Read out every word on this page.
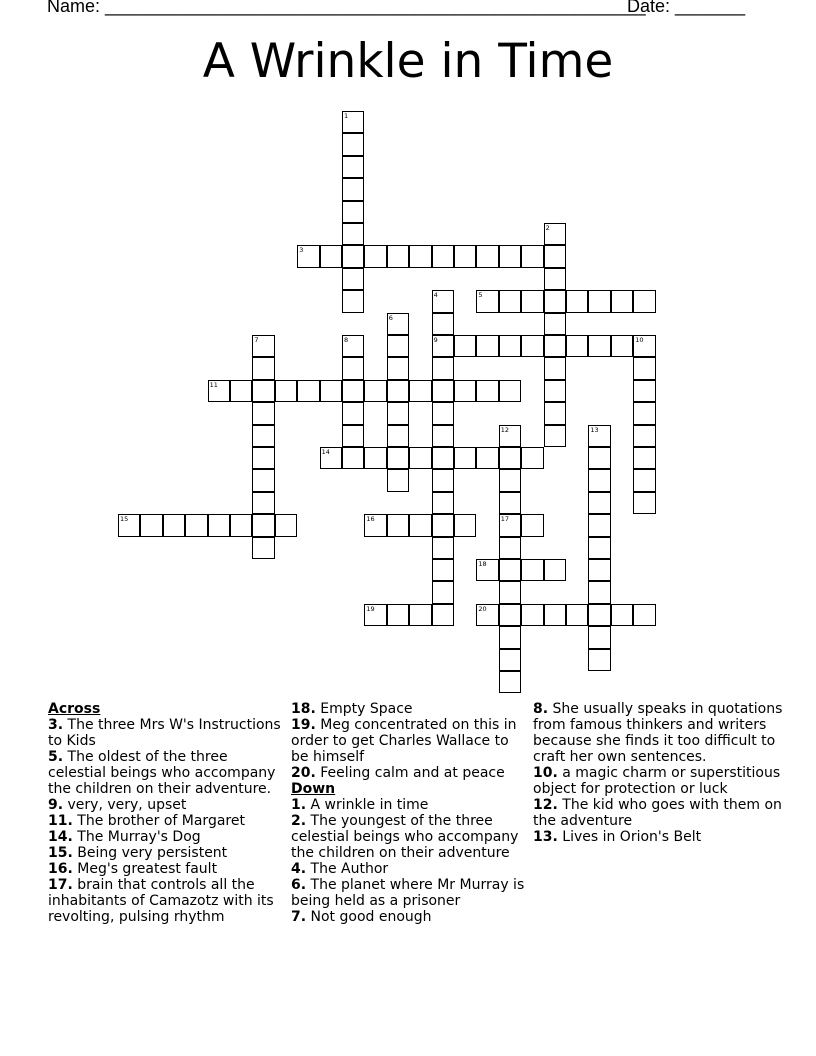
Name: ______________________________________________________
Date: _______
A Wrinkle in Time
1
2
3
4
9
5
6
7	8	10
11
12
17
13
14
15	16
18
19	20

Across

3. The three Mrs W's Instructions to Kids

5. The oldest of the three celestial beings who accompany the children on their adventure.

9. very, very, upset

11. The brother of Margaret

14. The Murray's Dog

15. Being very persistent

16. Meg's greatest fault

17. brain that controls all the inhabitants of Camazotz with its revolting, pulsing rhythm

18. Empty Space

19. Meg concentrated on this in order to get Charles Wallace to be himself

20. Feeling calm and at peace

Down

1. A wrinkle in time

2. The youngest of the three celestial beings who accompany the children on their adventure

4. The Author

6. The planet where Mr Murray is being held as a prisoner

7. Not good enough

8. She usually speaks in quotations from famous thinkers and writers because she finds it too difficult to craft her own sentences.

10. a magic charm or superstitious object for protection or luck

12. The kid who goes with them on the adventure

13. Lives in Orion's Belt
